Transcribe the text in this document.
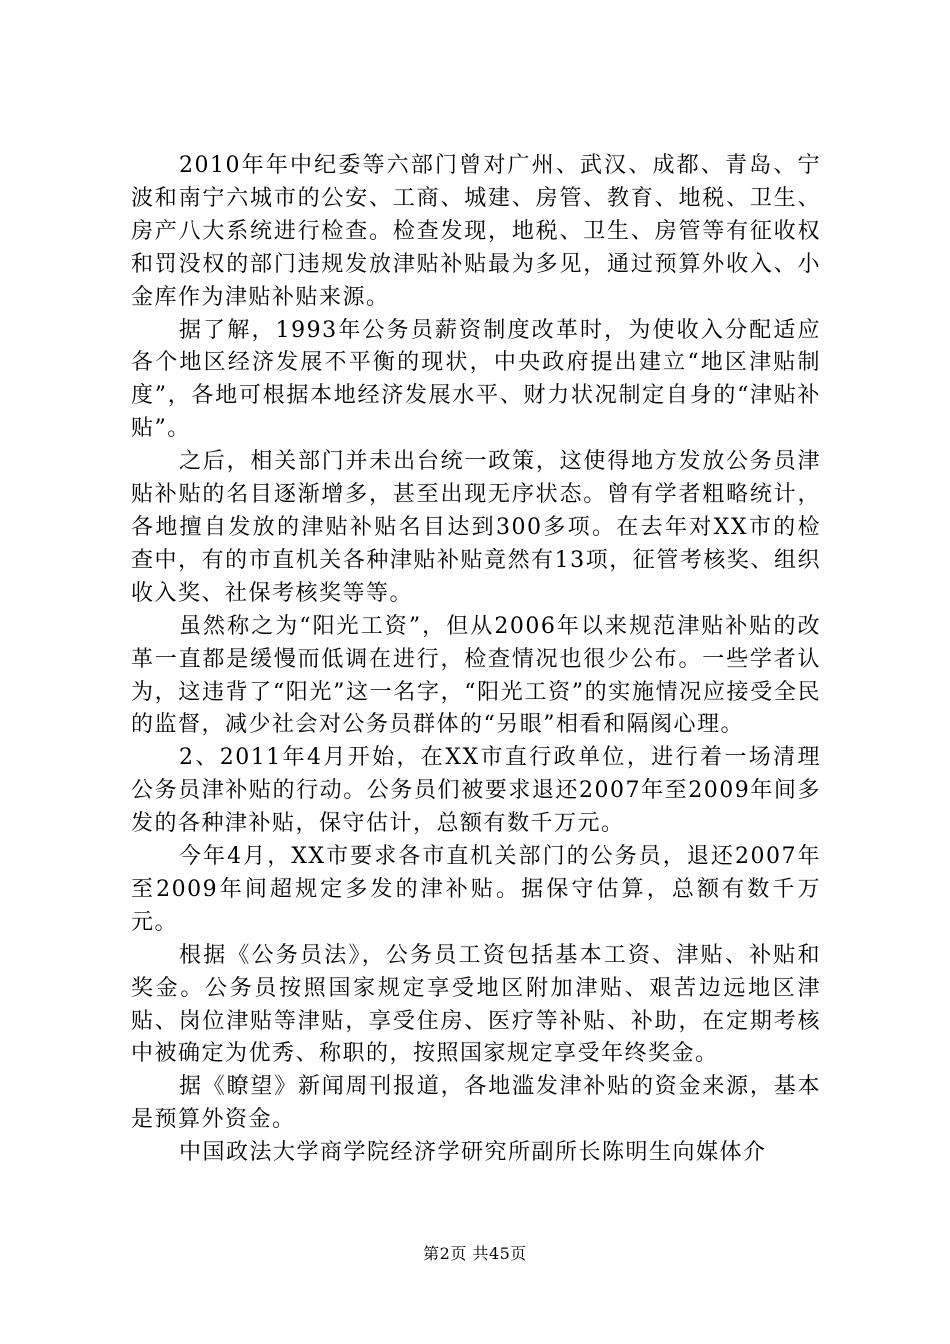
2010年年中纪委等六部门曾对广州、武汉、成都、青岛、宁波和南宁六城市的公安、工商、城建、房管、教育、地税、卫生、房产八大系统进行检查。检查发现，地税、卫生、房管等有征收权和罚没权的部门违规发放津贴补贴最为多见，通过预算外收入、小金库作为津贴补贴来源。

据了解，1993年公务员薪资制度改革时，为使收入分配适应各个地区经济发展不平衡的现状，中央政府提出建立“地区津贴制度”，各地可根据本地经济发展水平、财力状况制定自身的“津贴补贴”。

之后，相关部门并未出台统一政策，这使得地方发放公务员津贴补贴的名目逐渐增多，甚至出现无序状态。曾有学者粗略统计，各地擅自发放的津贴补贴名目达到300多项。在去年对XX市的检查中，有的市直机关各种津贴补贴竟然有13项，征管考核奖、组织收入奖、社保考核奖等等。

虽然称之为“阳光工资”，但从2006年以来规范津贴补贴的改革一直都是缓慢而低调在进行，检查情况也很少公布。一些学者认为，这违背了“阳光”这一名字，“阳光工资”的实施情况应接受全民的监督，减少社会对公务员群体的“另眼”相看和隔阂心理。

2、2011年4月开始，在XX市直行政单位，进行着一场清理公务员津补贴的行动。公务员们被要求退还2007年至2009年间多发的各种津补贴，保守估计，总额有数千万元。

今年4月，XX市要求各市直机关部门的公务员，退还2007年至2009年间超规定多发的津补贴。据保守估算，总额有数千万元。

根据《公务员法》，公务员工资包括基本工资、津贴、补贴和奖金。公务员按照国家规定享受地区附加津贴、艰苦边远地区津贴、岗位津贴等津贴，享受住房、医疗等补贴、补助，在定期考核中被确定为优秀、称职的，按照国家规定享受年终奖金。

据《瞭望》新闻周刊报道，各地滥发津补贴的资金来源，基本是预算外资金。

中国政法大学商学院经济学研究所副所长陈明生向媒体介

第2页 共45页
